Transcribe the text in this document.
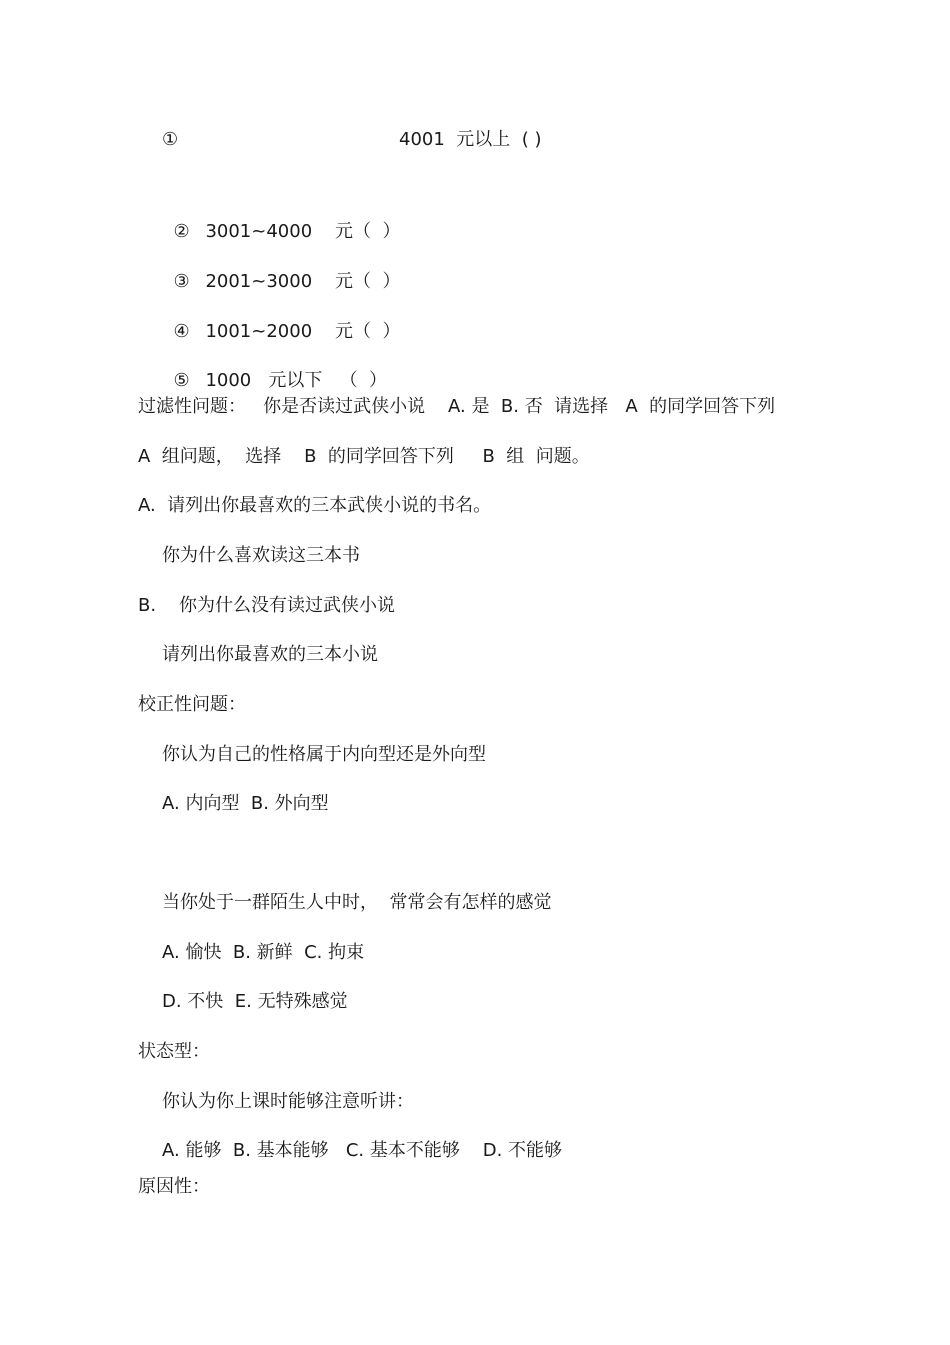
①	4001  元以上  ( )

② 3001~4000    元（  ）

③ 2001~3000    元（  ）

④ 1001~2000    元（  ）

⑤ 1000   元以下   （  ）

过滤性问题：   你是否读过武侠小说    A. 是  B. 否  请选择   A  的同学回答下列
A  组问题，  选择    B  的同学回答下列     B  组  问题。
A.  请列出你最喜欢的三本武侠小说的书名。
你为什么喜欢读这三本书
B.    你为什么没有读过武侠小说
请列出你最喜欢的三本小说
校正性问题：
你认为自己的性格属于内向型还是外向型
A. 内向型  B. 外向型
当你处于一群陌生人中时，  常常会有怎样的感觉
A. 愉快  B. 新鲜  C. 拘束
D. 不快  E. 无特殊感觉
状态型：
你认为你上课时能够注意听讲：
A. 能够  B. 基本能够   C. 基本不能够    D. 不能够
原因性：
